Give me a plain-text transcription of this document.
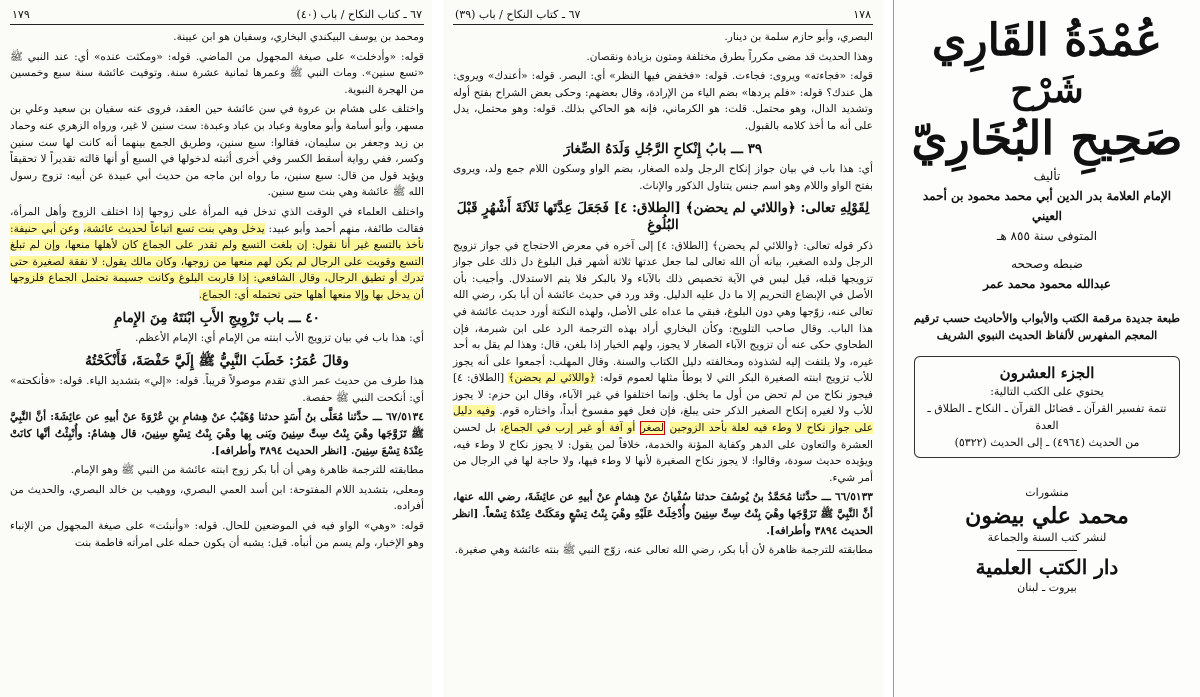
١٧٩	٦٧ ـ كتاب النكاح / باب (٤٠)

ومحمد بن يوسف البيكندي البخاري، وسفيان هو ابن عيينة.

قوله: «وأدخلت» على صيغة المجهول من الماضي. قوله: «ومكثت عنده» أي: عند النبي ﷺ «تسع سنين». ومات النبي ﷺ وعمرها ثمانية عشرة سنة. وتوفيت عائشة سنة سبع وخمسين من الهجرة النبوية.

واختلف على هشام بن عروة في سن عائشة حين العقد، فروى عنه سفيان بن سعيد وعلي بن مسهر، وأبو أسامة وأبو معاوية وعباد بن عباد وعبدة: ست سنين لا غير، ورواه الزهري عنه وحماد بن زيد وجعفر بن سليمان، فقالوا: سبع سنين، وطريق الجمع بينهما أنه كانت لها ست سنين وكسر، ففي رواية أسقط الكسر وفي أخرى أثبته لدخولها في السبع أو أنها قالته تقديراً لا تحقيقاً ويؤيد قول من قال: سبع سنين، ما رواه ابن ماجه من حديث أبي عبيدة عن أبيه: تزوج رسول الله ﷺ عائشة وهي بنت سبع سنين.

واختلف العلماء في الوقت الذي تدخل فيه المرأة على زوجها إذا اختلف الزوج وأهل المرأة، فقالت طائفة، منهم أحمد وأبو عبيد: يدخل وهي بنت تسع اتباعاً لحديث عائشة، وعن أبي حنيفة: نأخذ بالتسع غير أنا نقول: إن بلغت التسع ولم تقدر على الجماع كان لأهلها منعها، وإن لم تبلغ التسع وقويت على الرجال لم يكن لهم منعها من زوجها، وكان مالك يقول: لا نفقة لصغيرة حتى تدرك أو تطيق الرجال، وقال الشافعي: إذا قاربت البلوغ وكانت جسيمة تحتمل الجماع فلزوجها أن يدخل بها وإلا منعها أهلها حتى تحتمله أي: الجماع.

٤٠ ـــ باب تَزْوِيجِ الأَبِ ابْنَتَهُ مِنَ الإِمامِ

أي: هذا باب في بيان تزويج الأب ابنته من الإمام أي: الإمام الأعظم.

وقالَ عُمَرُ: خَطَبَ النَّبِيُّ ﷺ إِلَيَّ حَفْصَةَ، فَأَنْكَحْتُهُ

هذا طرف من حديث عمر الذي تقدم موصولاً قريباً. قوله: «إلي» بتشديد الياء. قوله: «فأنكحته» أي: أنكحت النبي ﷺ حفصة.

٦٧/٥١٣٤ ـــ حدَّثنا مُعَلَّى بنُ أَسَدٍ حدثنا وُهَيْبٌ عنْ هِشامِ بنِ عُرْوَةَ عنْ أبيهِ عن عائِشَةَ: أنَّ النَّبِيَّ ﷺ تَزَوَّجَها وهْيَ بِنْتُ سِتِّ سِنِينَ وبَنى بِها وهْيَ بِنْتُ تِسْعِ سِنِينَ، قال هِشامٌ: وأُنْبِئْتُ أنَّها كانَتْ عِنْدَهُ تِسْعَ سِنِينَ. [انظر الحديث ٣٨٩٤ وأطرافه].

مطابقته للترجمة ظاهرة وهي أن أبا بكر زوج ابنته عائشة من النبي ﷺ وهو الإمام.

ومعلى، بتشديد اللام المفتوحة: ابن أسد العمي البصري، ووهيب بن خالد البصري، والحديث من أفراده.

قوله: «وهي» الواو فيه في الموضعين للحال. قوله: «وأنبئت» على صيغة المجهول من الإنباء وهو الإخبار، ولم يسم من أنبأه. قيل: يشبه أن يكون حمله على امرأته فاطمة بنت

٦٧ ـ كتاب النكاح / باب (٣٩)	١٧٨

البصري، وأبو حازم سلمة بن دينار.

وهذا الحديث قد مضى مكرراً بطرق مختلفة ومتون بزيادة ونقصان.

قوله: «فجاءته» ويروى: فجاءت. قوله: «فخفض فيها النظر» أي: البصر. قوله: «أعندك» ويروى: هل عندك؟ قوله: «فلم يردها» بضم الياء من الإرادة، وقال بعضهم: وحكى بعض الشراح بفتح أوله وتشديد الدال، وهو محتمل. قلت: هو الكرماني، فإنه هو الحاكي بذلك. قوله: وهو محتمل، يدل على أنه ما أخذ كلامه بالقبول.

٣٩ ـــ بابُ إِنْكاحِ الرَّجُلِ وَلَدَهُ الصِّغارَ

أي: هذا باب في بيان جواز إنكاح الرجل ولده الصغار، بضم الواو وسكون اللام جمع ولد، ويروى بفتح الواو واللام وهو اسم جنس يتناول الذكور والإناث.

لِقَوْلِهِ تعالى: ﴿واللائي لم يحضن﴾ [الطلاق: ٤] فَجَعَلَ عِدَّتَها ثَلاَثَةَ أَشْهُرٍ قَبْلَ البُلُوغِ

ذكر قوله تعالى: ﴿واللائي لم يحضن﴾ [الطلاق: ٤] إلى آخره في معرض الاحتجاج في جواز تزويج الرجل ولده الصغير، بيانه أن الله تعالى لما جعل عدتها ثلاثة أشهر قبل البلوغ دل ذلك على جواز تزويجها قبله، قيل ليس في الآية تخصيص ذلك بالآباء ولا بالبكر فلا يتم الاستدلال. وأجيب: بأن الأصل في الإبضاع التحريم إلا ما دل عليه الدليل. وقد ورد في حديث عائشة أن أبا بكر، رضي الله تعالى عنه، زوّجها وهي دون البلوغ، فبقي ما عداه على الأصل، ولهذه النكتة أورد حديث عائشة في هذا الباب. وقال صاحب التلويح: وكأن البخاري أراد بهذه الترجمة الرد على ابن شبرمة، فإن الطحاوي حكى عنه أن تزويج الآباء الصغار لا يجوز، ولهم الخيار إذا بلغن، قال: وهذا لم يقل به أحد غيره، ولا يلتفت إليه لشذوذه ومخالفته دليل الكتاب والسنة. وقال المهلب: أجمعوا على أنه يجوز للأب تزويج ابنته الصغيرة البكر التي لا يوطأ مثلها لعموم قوله: ﴿واللائي لم يحضن﴾ [الطلاق: ٤] فيجوز نكاح من لم تحض من أول ما يخلق. وإنما اختلفوا في غير الآباء، وقال ابن حزم: لا يجوز للأب ولا لغيره إنكاح الصغير الذكر حتى يبلغ، فإن فعل فهو مفسوخ أبداً، واختاره قوم. وفيه دليل على جواز نكاح لا وطء فيه لعلة بأحد الزوجين لصغر أو آفة أو غير إرب في الجماع، بل لحسن العشرة والتعاون على الدهر وكفاية المؤنة والخدمة، خلافاً لمن يقول: لا يجوز نكاح لا وطء فيه، ويؤيده حديث سودة، وقالوا: لا يجوز نكاح الصغيرة لأنها لا وطء فيها، ولا حاجة لها في الرجال من أمر شيء.

٦٦/٥١٣٣ ـــ حدَّثنا مُحَمَّدُ بنُ يُوسُفَ حدثنا سُفْيانُ عنْ هِشامٍ عنْ أبيهِ عن عائِشَةَ، رضي الله عنها، أنَّ النَّبِيَّ ﷺ تَزَوَّجَها وهْيَ بِنْتُ سِتِّ سِنِينَ وأُدْخِلَتْ عَلَيْهِ وهْيَ بِنْتُ تِسْعٍ ومَكَثَتْ عِنْدَهُ تِسْعاً. [انظر الحديث ٣٨٩٤ وأطرافه].

مطابقته للترجمة ظاهرة لأن أبا بكر، رضي الله تعالى عنه، زوّج النبي ﷺ بنته عائشة وهي صغيرة.

عُمْدَةُ القَارِي
شَرْح
صَحِيحِ البُخَارِيّ
تأليف
الإمام العلامة بدر الدين أبي محمد محمود بن أحمد العيني
المتوفى سنة ٨٥٥ هـ
ضبطه وصححه
عبدالله محمود محمد عمر
طبعة جديدة مرقمة الكتب والأبواب والأحاديث حسب ترقيم المعجم المفهرس لألفاظ الحديث النبوي الشريف
الجزء العشرون
يحتوي على الكتب التالية:
تتمة تفسير القرآن ـ فضائل القرآن ـ النكاح ـ الطلاق ـ العدة
من الحديث (٤٩٦٤) ـ إلى الحديث (٥٣٢٢)
منشورات
محمد علي بيضون
لنشر كتب السنة والجماعة
دار الكتب العلمية
بيروت ـ لبنان
